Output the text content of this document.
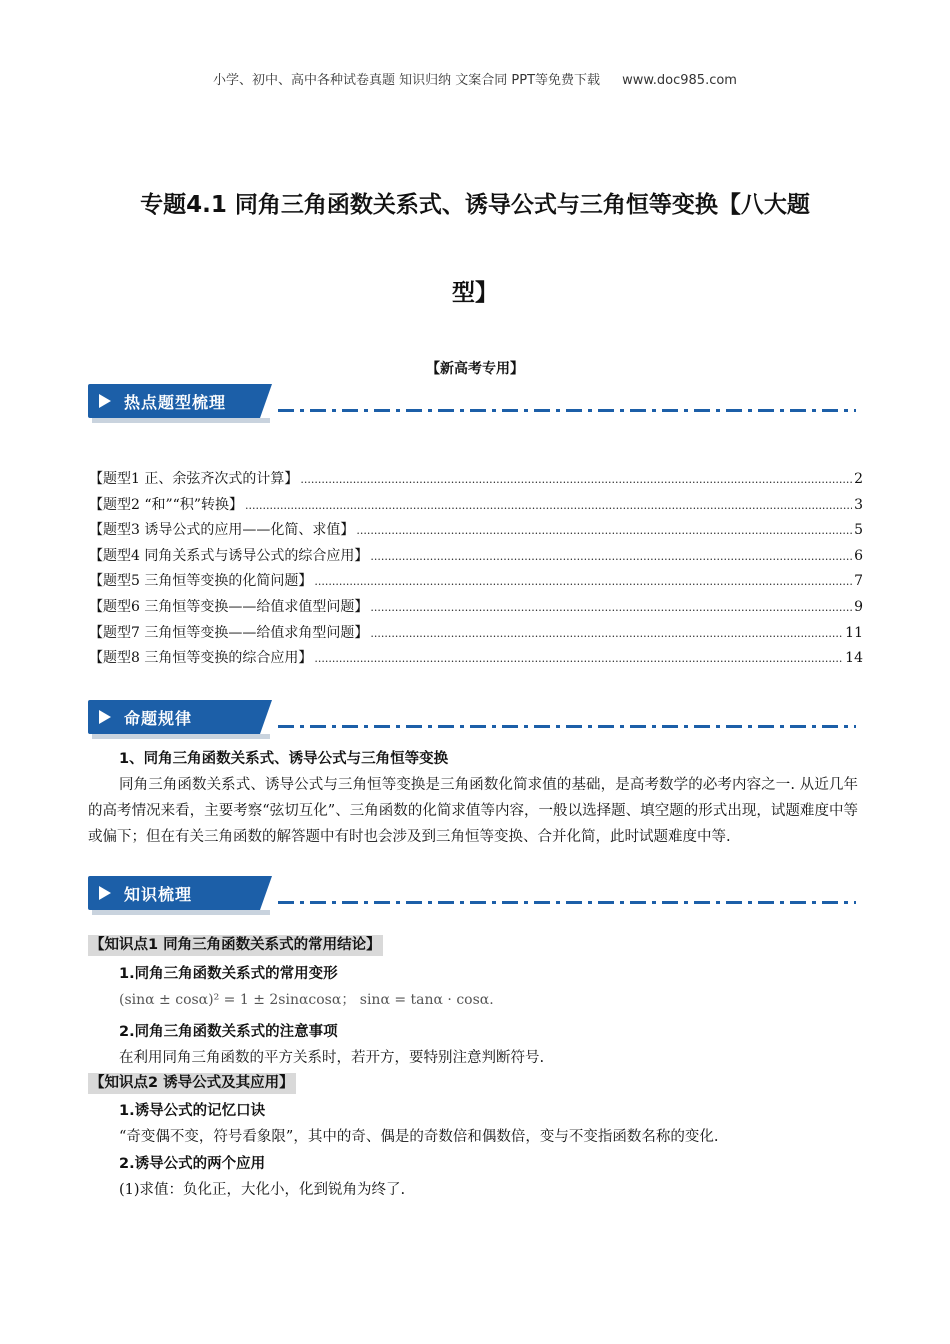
小学、初中、高中各种试卷真题 知识归纳 文案合同 PPT等免费下载 www.doc985.com
专题4.1 同角三角函数关系式、诱导公式与三角恒等变换【八大题
型】
【新高考专用】
热点题型梳理
【题型1 正、余弦齐次式的计算】 .....	2
【题型2 “和”“积”转换】 .....	3
【题型3 诱导公式的应用——化简、求值】 .....	5
【题型4 同角关系式与诱导公式的综合应用】 .....	6
【题型5 三角恒等变换的化简问题】 .....	7
【题型6 三角恒等变换——给值求值型问题】 .....	9
【题型7 三角恒等变换——给值求角型问题】 .....	11
【题型8 三角恒等变换的综合应用】 .....	14
命题规律
1、同角三角函数关系式、诱导公式与三角恒等变换
同角三角函数关系式、诱导公式与三角恒等变换是三角函数化简求值的基础，是高考数学的必考内容之一. 从近几年的高考情况来看，主要考察“弦切互化”、三角函数的化简求值等内容，一般以选择题、填空题的形式出现，试题难度中等或偏下；但在有关三角函数的解答题中有时也会涉及到三角恒等变换、合并化简，此时试题难度中等.
知识梳理
【知识点1 同角三角函数关系式的常用结论】
1.同角三角函数关系式的常用变形
(sinα ± cosα)² = 1 ± 2sinαcosα； sinα = tanα · cosα.
2.同角三角函数关系式的注意事项
在利用同角三角函数的平方关系时，若开方，要特别注意判断符号.
【知识点2 诱导公式及其应用】
1.诱导公式的记忆口诀
“奇变偶不变，符号看象限”，其中的奇、偶是的奇数倍和偶数倍，变与不变指函数名称的变化.
2.诱导公式的两个应用
(1)求值：负化正，大化小，化到锐角为终了.
